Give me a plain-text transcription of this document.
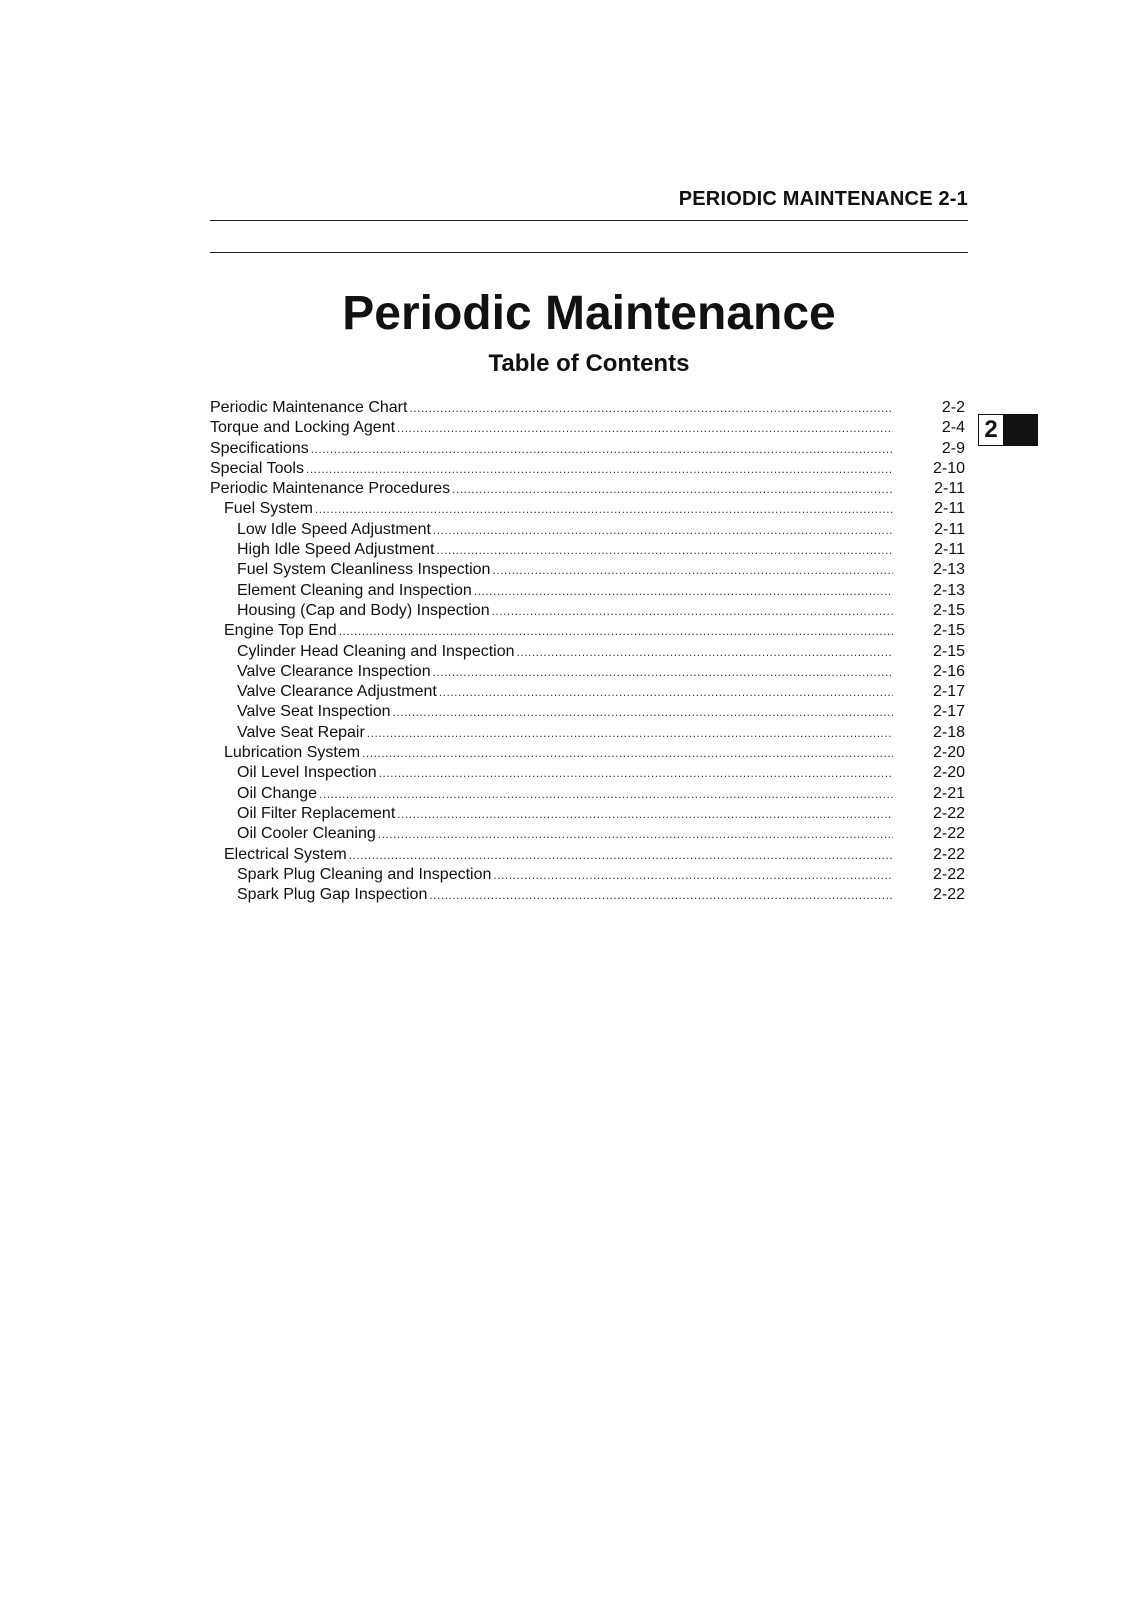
PERIODIC MAINTENANCE 2-1
Periodic Maintenance
Table of Contents
Periodic Maintenance Chart .....	2-2
Torque and Locking Agent .....	2-4
Specifications .....	2-9
Special Tools .....	2-10
Periodic Maintenance Procedures .....	2-11
Fuel System .....	2-11
Low Idle Speed Adjustment .....	2-11
High Idle Speed Adjustment .....	2-11
Fuel System Cleanliness Inspection .....	2-13
Element Cleaning and Inspection .....	2-13
Housing (Cap and Body) Inspection .....	2-15
Engine Top End .....	2-15
Cylinder Head Cleaning and Inspection .....	2-15
Valve Clearance Inspection .....	2-16
Valve Clearance Adjustment .....	2-17
Valve Seat Inspection .....	2-17
Valve Seat Repair .....	2-18
Lubrication System .....	2-20
Oil Level Inspection .....	2-20
Oil Change .....	2-21
Oil Filter Replacement .....	2-22
Oil Cooler Cleaning .....	2-22
Electrical System .....	2-22
Spark Plug Cleaning and Inspection .....	2-22
Spark Plug Gap Inspection .....	2-22
2
